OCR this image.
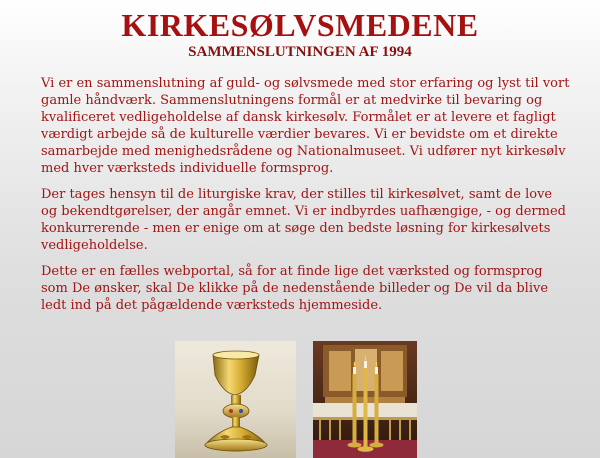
KIRKESØLVSMEDENE
SAMMENSLUTNINGEN AF 1994

Vi er en sammenslutning af guld- og sølvsmede med stor erfaring og lyst til vort gamle håndværk. Sammenslutningens formål er at medvirke til bevaring og kvalificeret vedligeholdelse af dansk kirkesølv. Formålet er at levere et fagligt værdigt arbejde så de kulturelle værdier bevares. Vi er bevidste om et direkte samarbejde med menighedsrådene og Nationalmuseet. Vi udfører nyt kirkesølv med hver værksteds individuelle formsprog.

Der tages hensyn til de liturgiske krav, der stilles til kirkesølvet, samt de love og bekendtgørelser, der angår emnet. Vi er indbyrdes uafhængige, - og dermed konkurrerende - men er enige om at søge den bedste løsning for kirkesølvets vedligeholdelse.

Dette er en fælles webportal, så for at finde lige det værksted og formsprog som De ønsker, skal De klikke på de nedenstående billeder og De vil da blive ledt ind på det pågældende værksteds hjemmeside.
